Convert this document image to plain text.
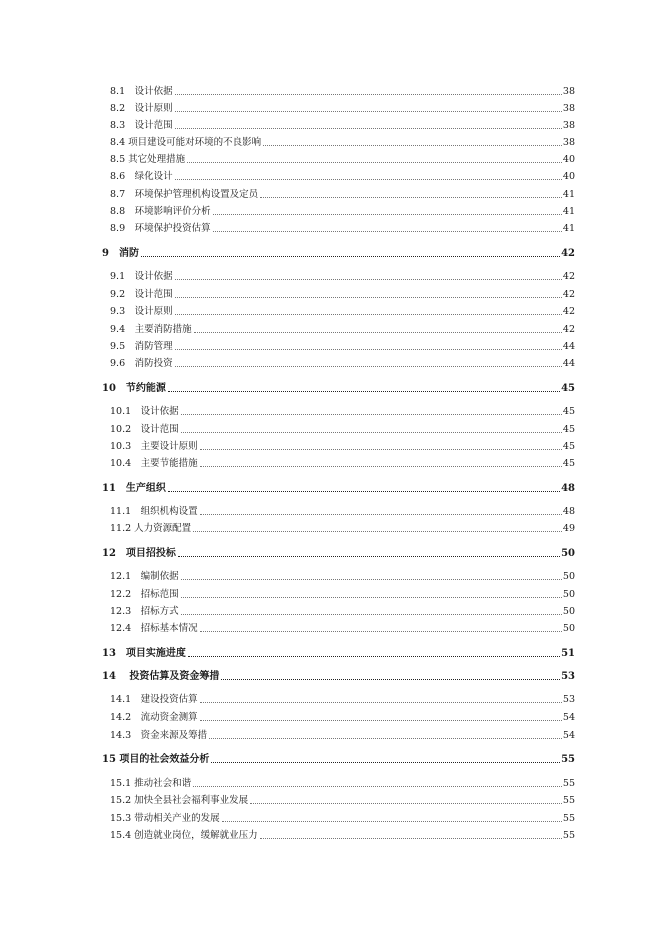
8.1　设计依据	38
8.2　设计原则	38
8.3　设计范围	38
8.4 项目建设可能对环境的不良影响	38
8.5 其它处理措施	40
8.6　绿化设计	40
8.7　环境保护管理机构设置及定员	41
8.8　环境影响评价分析	41
8.9　环境保护投资估算	41
9　消防	42
9.1　设计依据	42
9.2　设计范围	42
9.3　设计原则	42
9.4　主要消防措施	42
9.5　消防管理	44
9.6　消防投资	44
10　节约能源	45
10.1　设计依据	45
10.2　设计范围	45
10.3　主要设计原则	45
10.4　主要节能措施	45
11　生产组织	48
11.1　组织机构设置	48
11.2 人力资源配置	49
12　项目招投标	50
12.1　编制依据	50
12.2　招标范围	50
12.3　招标方式	50
12.4　招标基本情况	50
13　项目实施进度	51
14　 投资估算及资金筹措	53
14.1　建设投资估算	53
14.2　流动资金测算	54
14.3　资金来源及筹措	54
15 项目的社会效益分析	55
15.1 推动社会和谐	55
15.2 加快全县社会福利事业发展	55
15.3 带动相关产业的发展	55
15.4 创造就业岗位，缓解就业压力	55
